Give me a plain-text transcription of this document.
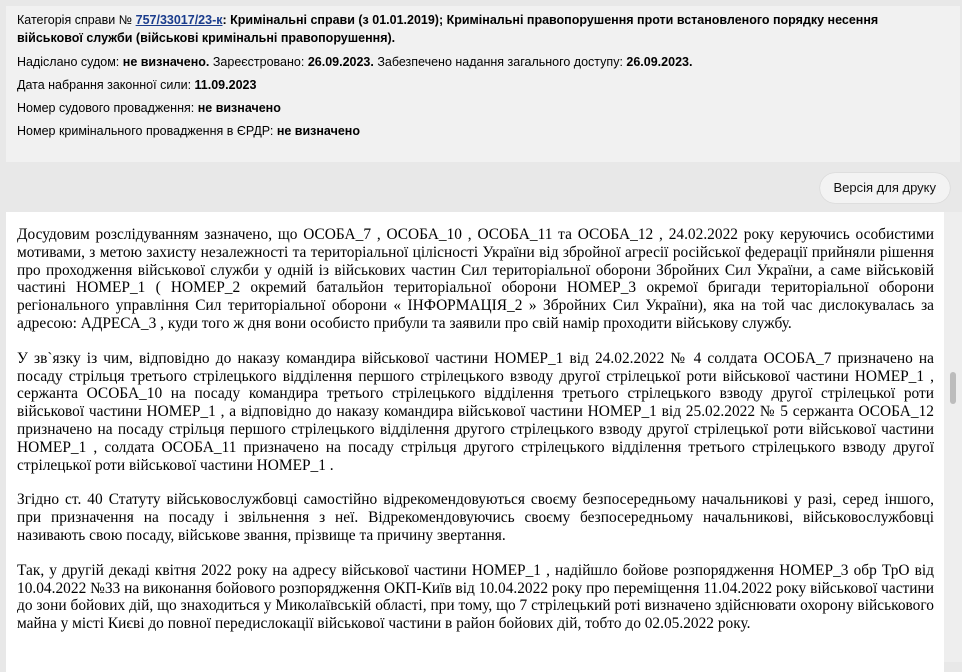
Категорія справи № 757/33017/23-к: Кримінальні справи (з 01.01.2019); Кримінальні правопорушення проти встановленого порядку несення
військової служби (військові кримінальні правопорушення).
Надіслано судом: не визначено. Зареєстровано: 26.09.2023. Забезпечено надання загального доступу: 26.09.2023.
Дата набрання законної сили: 11.09.2023
Номер судового провадження: не визначено
Номер кримінального провадження в ЄРДР: не визначено
Версія для друку

Досудовим розслідуванням зазначено, що ОСОБА_7 , ОСОБА_10 , ОСОБА_11 та ОСОБА_12 , 24.02.2022 року керуючись особистими мотивами, з метою захисту незалежності та територіальної цілісності України від збройної агресії російської федерації прийняли рішення про проходження військової служби у одній із військових частин Сил територіальної оборони Збройних Сил України, а саме військовій частині НОМЕР_1 ( НОМЕР_2 окремий батальйон територіальної оборони НОМЕР_3 окремої бригади територіальної оборони регіонального управління Сил територіальної оборони « ІНФОРМАЦІЯ_2 » Збройних Сил України), яка на той час дислокувалась за адресою: АДРЕСА_3 , куди того ж дня вони особисто прибули та заявили про свій намір проходити військову службу.

У зв`язку із чим, відповідно до наказу командира військової частини НОМЕР_1 від 24.02.2022 № 4 солдата ОСОБА_7 призначено на посаду стрільця третього стрілецького відділення першого стрілецького взводу другої стрілецької роти військової частини НОМЕР_1 , сержанта ОСОБА_10 на посаду командира третього стрілецького відділення третього стрілецького взводу другої стрілецької роти військової частини НОМЕР_1 , а відповідно до наказу командира військової частини НОМЕР_1 від 25.02.2022 № 5 сержанта ОСОБА_12 призначено на посаду стрільця першого стрілецького відділення другого стрілецького взводу другої стрілецької роти військової частини НОМЕР_1 , солдата ОСОБА_11 призначено на посаду стрільця другого стрілецького відділення третього стрілецького взводу другої стрілецької роти військової частини НОМЕР_1 .

Згідно ст. 40 Статуту військовослужбовці самостійно відрекомендовуються своєму безпосередньому начальникові у разі, серед іншого, при призначення на посаду і звільнення з неї. Відрекомендовуючись своєму безпосередньому начальникові, військовослужбовці називають свою посаду, військове звання, прізвище та причину звертання.

Так, у другій декаді квітня 2022 року на адресу військової частини НОМЕР_1 , надійшло бойове розпорядження НОМЕР_3 обр ТрО від 10.04.2022 №33 на виконання бойового розпорядження ОКП-Київ від 10.04.2022 року про переміщення 11.04.2022 року військової частини до зони бойових дій, що знаходиться у Миколаївській області, при тому, що 7 стрілецький роті визначено здійснювати охорону військового майна у місті Києві до повної передислокації військової частини в район бойових дій, тобто до 02.05.2022 року.
